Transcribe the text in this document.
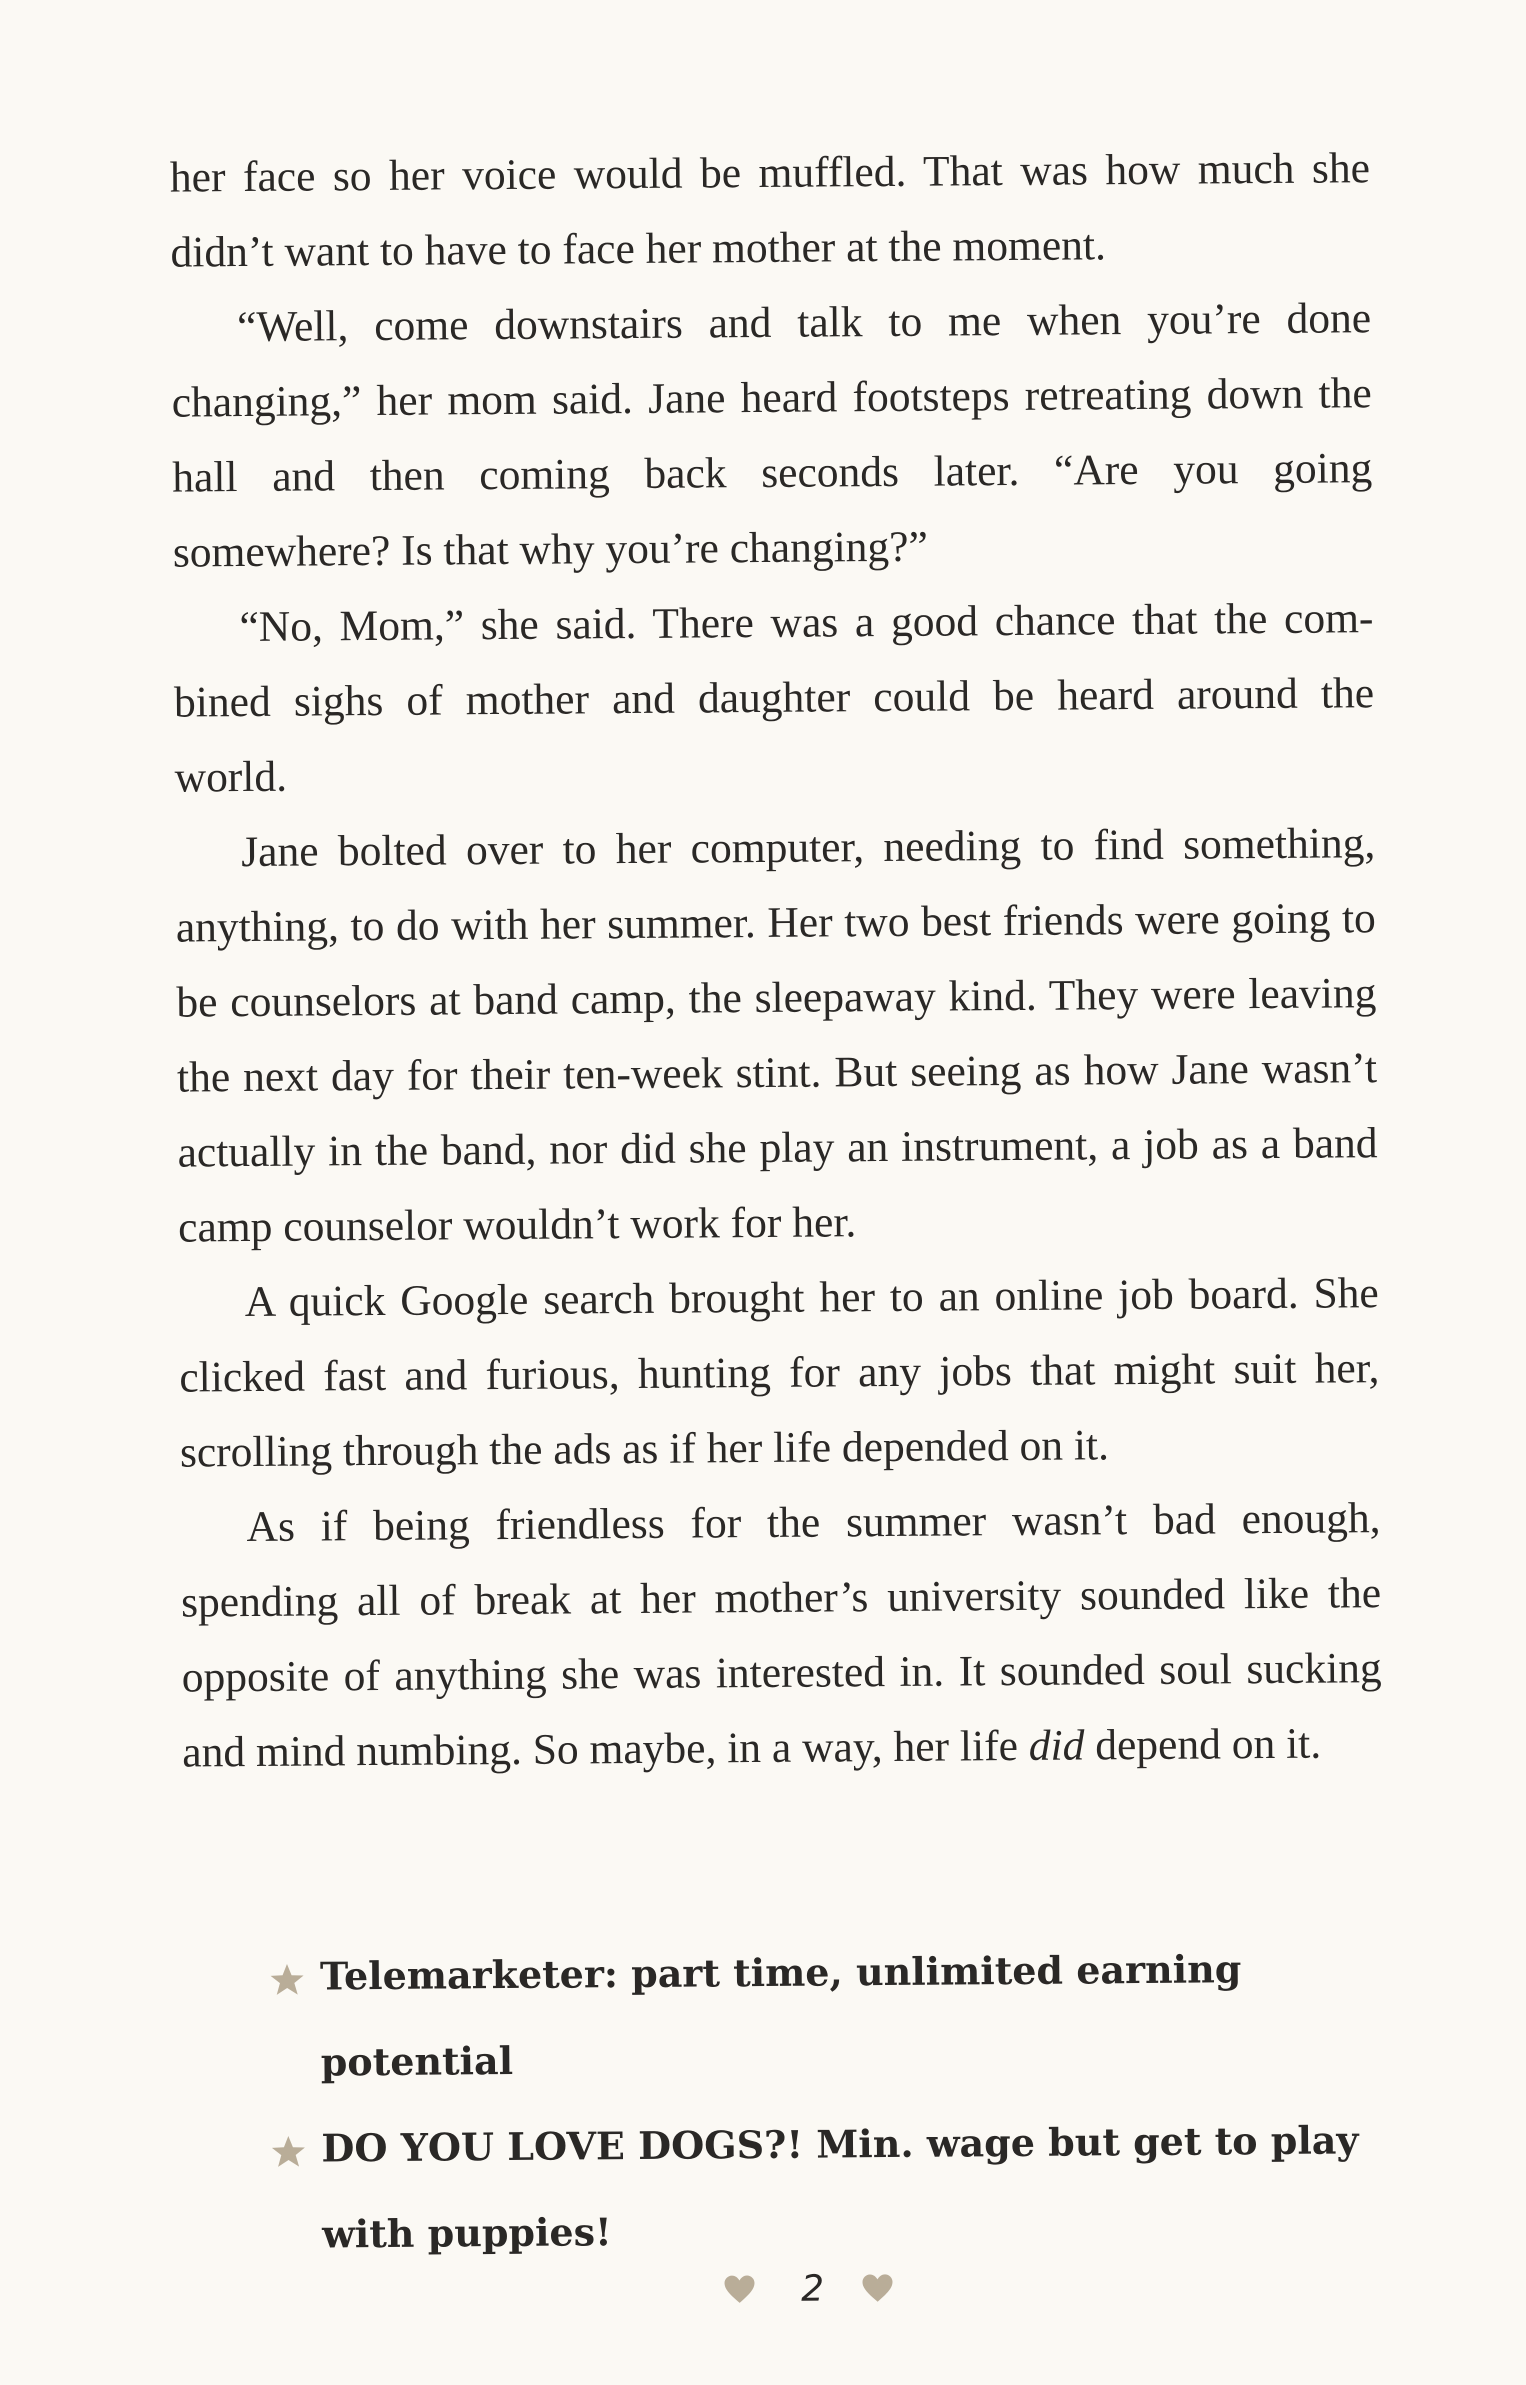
her face so her voice would be muffled. That was how much she didn’t want to have to face her mother at the moment.

“Well, come downstairs and talk to me when you’re done changing,” her mom said. Jane heard footsteps retreating down the hall and then coming back seconds later. “Are you going somewhere? Is that why you’re changing?”

“No, Mom,” she said. There was a good chance that the combined sighs of mother and daughter could be heard around the world.

Jane bolted over to her computer, needing to find something, anything, to do with her summer. Her two best friends were going to be counselors at band camp, the sleepaway kind. They were leaving the next day for their ten-week stint. But seeing as how Jane wasn’t actually in the band, nor did she play an instrument, a job as a band camp counselor wouldn’t work for her.

A quick Google search brought her to an online job board. She clicked fast and furious, hunting for any jobs that might suit her, scrolling through the ads as if her life depended on it.

As if being friendless for the summer wasn’t bad enough, spending all of break at her mother’s university sounded like the opposite of anything she was interested in. It sounded soul sucking and mind numbing. So maybe, in a way, her life did depend on it.

Telemarketer: part time, unlimited earning potential
DO YOU LOVE DOGS?! Min. wage but get to play with puppies!
2
